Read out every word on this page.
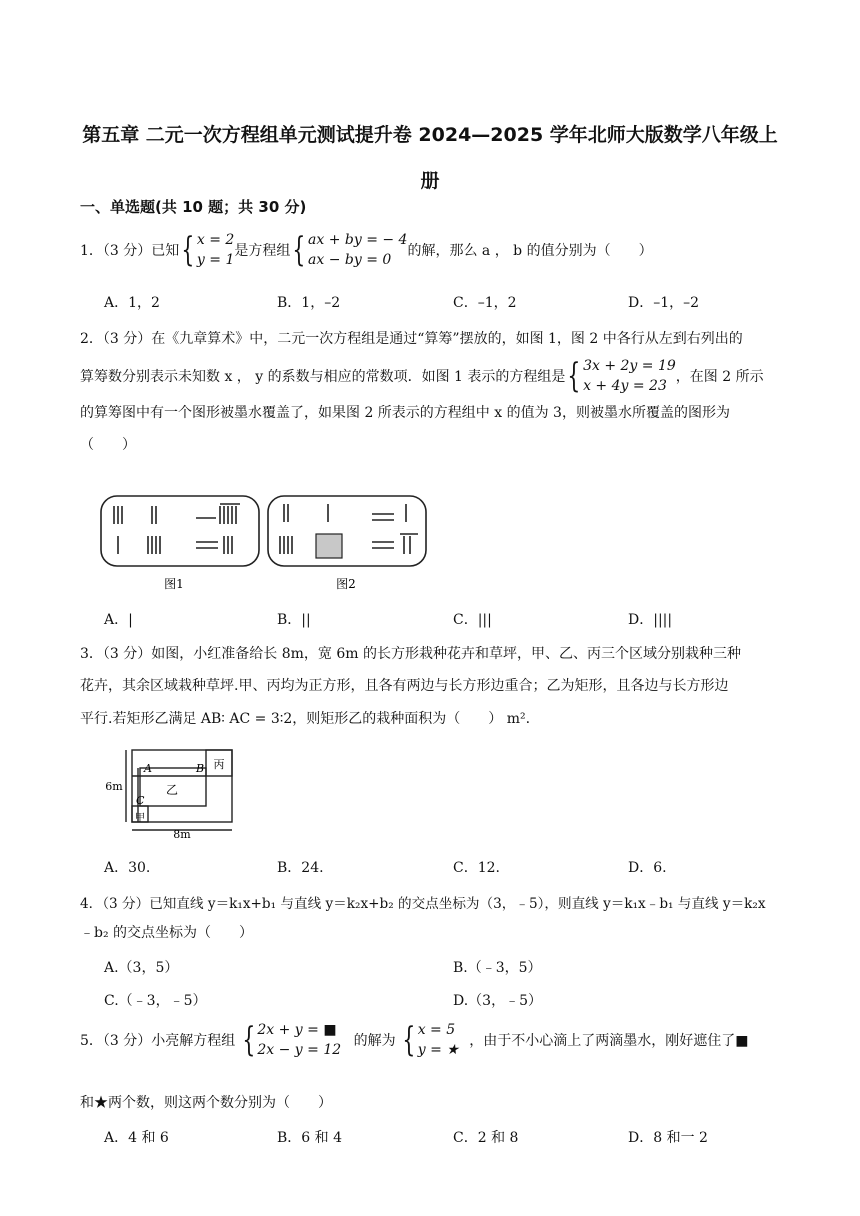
第五章 二元一次方程组单元测试提升卷 2024—2025 学年北师大版数学八年级上
册
一、单选题(共 10 题；共 30 分)
1．（3 分）已知{ x = 2
y = 1
是方程组{ ax + by = − 4
ax − by = 0
的解，那么 a ， b 的值分别为（　　）
A．1，2	B．1，–2	C．–1，2	D．–1，–2
2．（3 分）在《九章算术》中，二元一次方程组是通过“算筹”摆放的，如图 1，图 2 中各行从左到右列出的
算筹数分别表示未知数 x ， y 的系数与相应的常数项．如图 1 表示的方程组是{ 3x + 2y = 19
x + 4y = 23
，在图 2 所示
的算筹图中有一个图形被墨水覆盖了，如果图 2 所表示的方程组中 x 的值为 3，则被墨水所覆盖的图形为
（　　）
图1	图2
A．|	B．||	C．|||	D．||||
3．（3 分）如图，小红准备给长 8m，宽 6m 的长方形栽种花卉和草坪，甲、乙、丙三个区域分别栽种三种
花卉，其余区域栽种草坪.甲、丙均为正方形，且各有两边与长方形边重合；乙为矩形，且各边与长方形边
平行.若矩形乙满足 AB∶ AC = 3∶2，则矩形乙的栽种面积为（　　） m².
6m
8m
A	B
C
甲
乙
丙
A．30.	B．24.	C．12.	D．6.
4．（3 分）已知直线 y＝k₁x+b₁ 与直线 y＝k₂x+b₂ 的交点坐标为（3，﹣5），则直线 y＝k₁x﹣b₁ 与直线 y＝k₂x
﹣b₂ 的交点坐标为（　　）
A.（3，5）	B.（﹣3，5）
C.（﹣3，﹣5）	D.（3，﹣5）
5．（3 分）小亮解方程组 { 2x + y = ■
2x − y = 12
的解为 { x = 5
y = ★
，由于不小心滴上了两滴墨水，刚好遮住了■
和★两个数，则这两个数分别为（　　）
A．4 和 6	B．6 和 4	C．2 和 8	D．8 和一 2
